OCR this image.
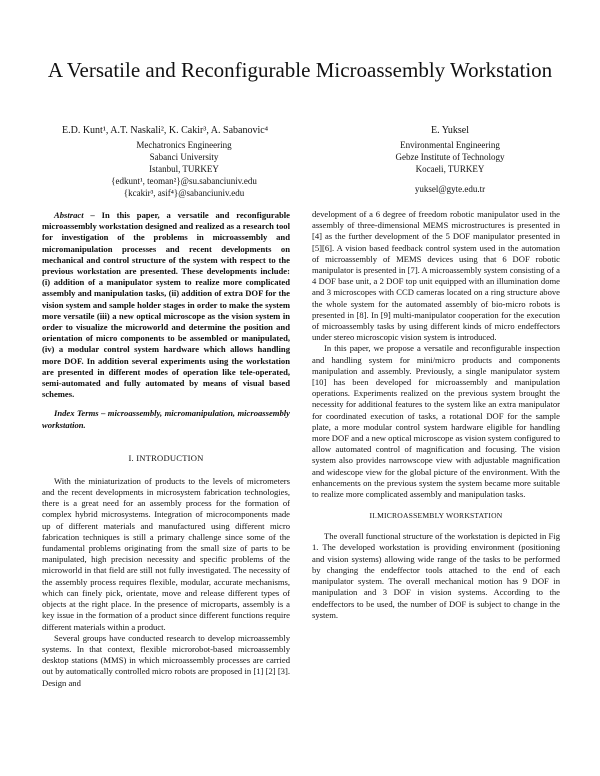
A Versatile and Reconfigurable Microassembly Workstation
E.D. Kunt¹, A.T. Naskali², K. Cakir³, A. Sabanovic⁴
Mechatronics Engineering
Sabanci University
Istanbul, TURKEY
{edkunt¹, teoman²}@su.sabanciuniv.edu
{kcakir³, asif⁴}@sabanciuniv.edu
E. Yuksel
Environmental Engineering
Gebze Institute of Technology
Kocaeli, TURKEY
yuksel@gyte.edu.tr

Abstract – In this paper, a versatile and reconfigurable microassembly workstation designed and realized as a research tool for investigation of the problems in microassembly and micromanipulation processes and recent developments on mechanical and control structure of the system with respect to the previous workstation are presented. These developments include: (i) addition of a manipulator system to realize more complicated assembly and manipulation tasks, (ii) addition of extra DOF for the vision system and sample holder stages in order to make the system more versatile (iii) a new optical microscope as the vision system in order to visualize the microworld and determine the position and orientation of micro components to be assembled or manipulated, (iv) a modular control system hardware which allows handling more DOF. In addition several experiments using the workstation are presented in different modes of operation like tele-operated, semi-automated and fully automated by means of visual based schemes.

Index Terms – microassembly, micromanipulation, microassembly workstation.

I. INTRODUCTION

With the miniaturization of products to the levels of micrometers and the recent developments in microsystem fabrication technologies, there is a great need for an assembly process for the formation of complex hybrid microsystems. Integration of microcomponents made up of different materials and manufactured using different micro fabrication techniques is still a primary challenge since some of the fundamental problems originating from the small size of parts to be manipulated, high precision necessity and specific problems of the microworld in that field are still not fully investigated. The necessity of the assembly process requires flexible, modular, accurate mechanisms, which can finely pick, orientate, move and release different types of objects at the right place. In the presence of microparts, assembly is a key issue in the formation of a product since different functions require different materials within a product.

Several groups have conducted research to develop microassembly systems. In that context, flexible microrobot-based microassembly desktop stations (MMS) in which microassembly processes are carried out by automatically controlled micro robots are proposed in [1] [2] [3]. Design and

development of a 6 degree of freedom robotic manipulator used in the assembly of three-dimensional MEMS microstructures is presented in [4] as the further development of the 5 DOF manipulator presented in [5][6]. A vision based feedback control system used in the automation of microassembly of MEMS devices using that 6 DOF robotic manipulator is presented in [7]. A microassembly system consisting of a 4 DOF base unit, a 2 DOF top unit equipped with an illumination dome and 3 microscopes with CCD cameras located on a ring structure above the whole system for the automated assembly of bio-micro robots is presented in [8]. In [9] multi-manipulator cooperation for the execution of microassembly tasks by using different kinds of micro endeffectors under stereo microscopic vision system is introduced.

In this paper, we propose a versatile and reconfigurable inspection and handling system for mini/micro products and components manipulation and assembly. Previously, a single manipulator system [10] has been developed for microassembly and manipulation operations. Experiments realized on the previous system brought the necessity for additional features to the system like an extra manipulator for coordinated execution of tasks, a rotational DOF for the sample plate, a more modular control system hardware eligible for handling more DOF and a new optical microscope as vision system configured to allow automated control of magnification and focusing. The vision system also provides narrowscope view with adjustable magnification and widescope view for the global picture of the environment. With the enhancements on the previous system the system became more suitable to realize more complicated assembly and manipulation tasks.

II.MICROASSEMBLY WORKSTATION

The overall functional structure of the workstation is depicted in Fig 1. The developed workstation is providing environment (positioning and vision systems) allowing wide range of the tasks to be performed by changing the endeffector tools attached to the end of each manipulator system. The overall mechanical motion has 9 DOF in manipulation and 3 DOF in vision systems. According to the endeffectors to be used, the number of DOF is subject to change in the system.
